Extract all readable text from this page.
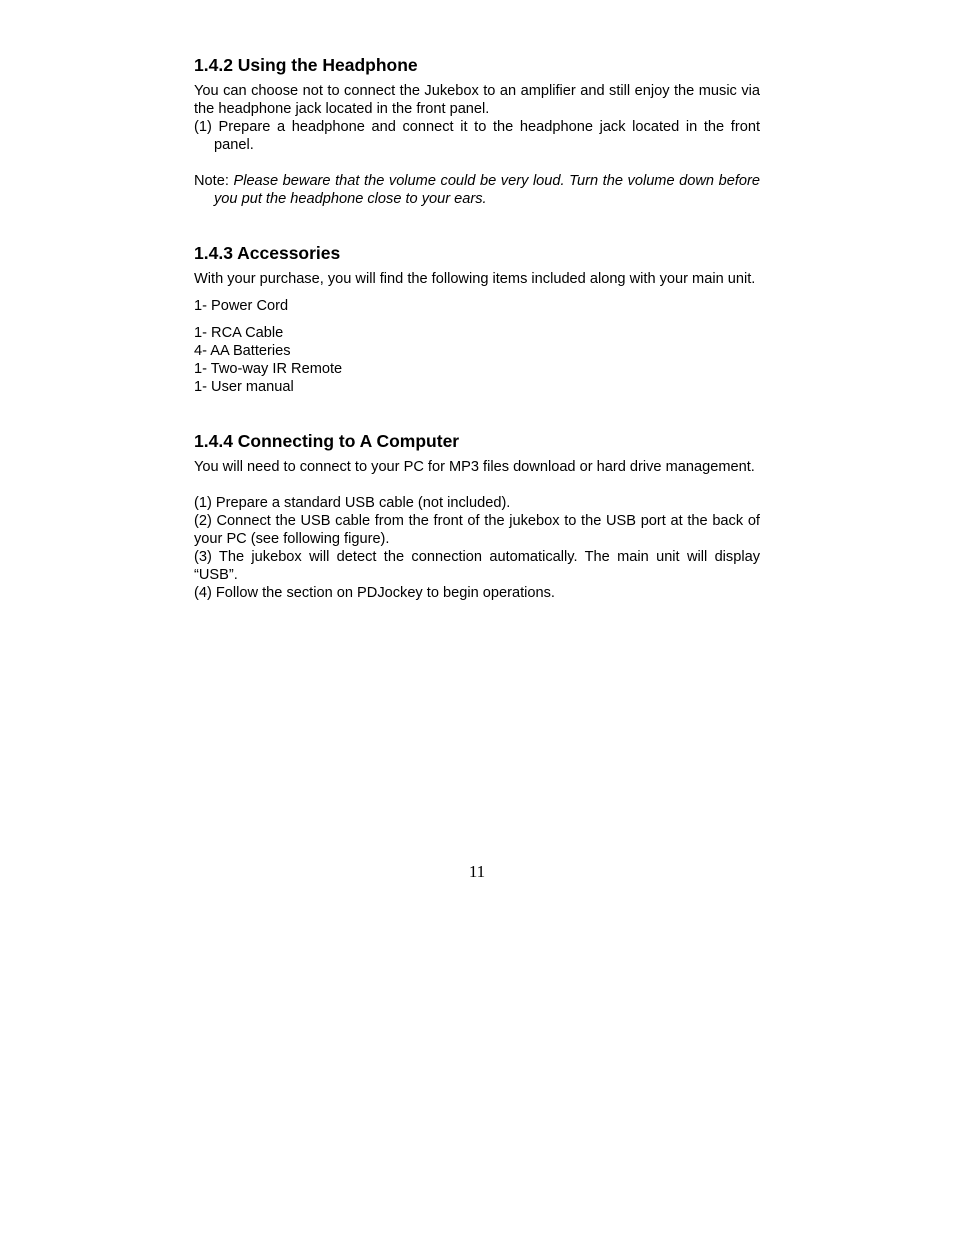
1.4.2 Using the Headphone

You can choose not to connect the Jukebox to an amplifier and still enjoy the music via the headphone jack located in the front panel.

(1) Prepare a headphone and connect it to the headphone jack located in the front panel.

Note: Please beware that the volume could be very loud. Turn the volume down before you put the headphone close to your ears.

1.4.3 Accessories

With your purchase, you will find the following items included along with your main unit.

1- Power Cord

1- RCA Cable

4- AA Batteries

1- Two-way IR Remote

1- User manual

1.4.4 Connecting to A Computer

You will need to connect to your PC for MP3 files download or hard drive management.

(1) Prepare a standard USB cable (not included).

(2) Connect the USB cable from the front of the jukebox to the USB port at the back of your PC (see following figure).

(3) The jukebox will detect the connection automatically. The main unit will display “USB”.

(4) Follow the section on PDJockey to begin operations.

11
